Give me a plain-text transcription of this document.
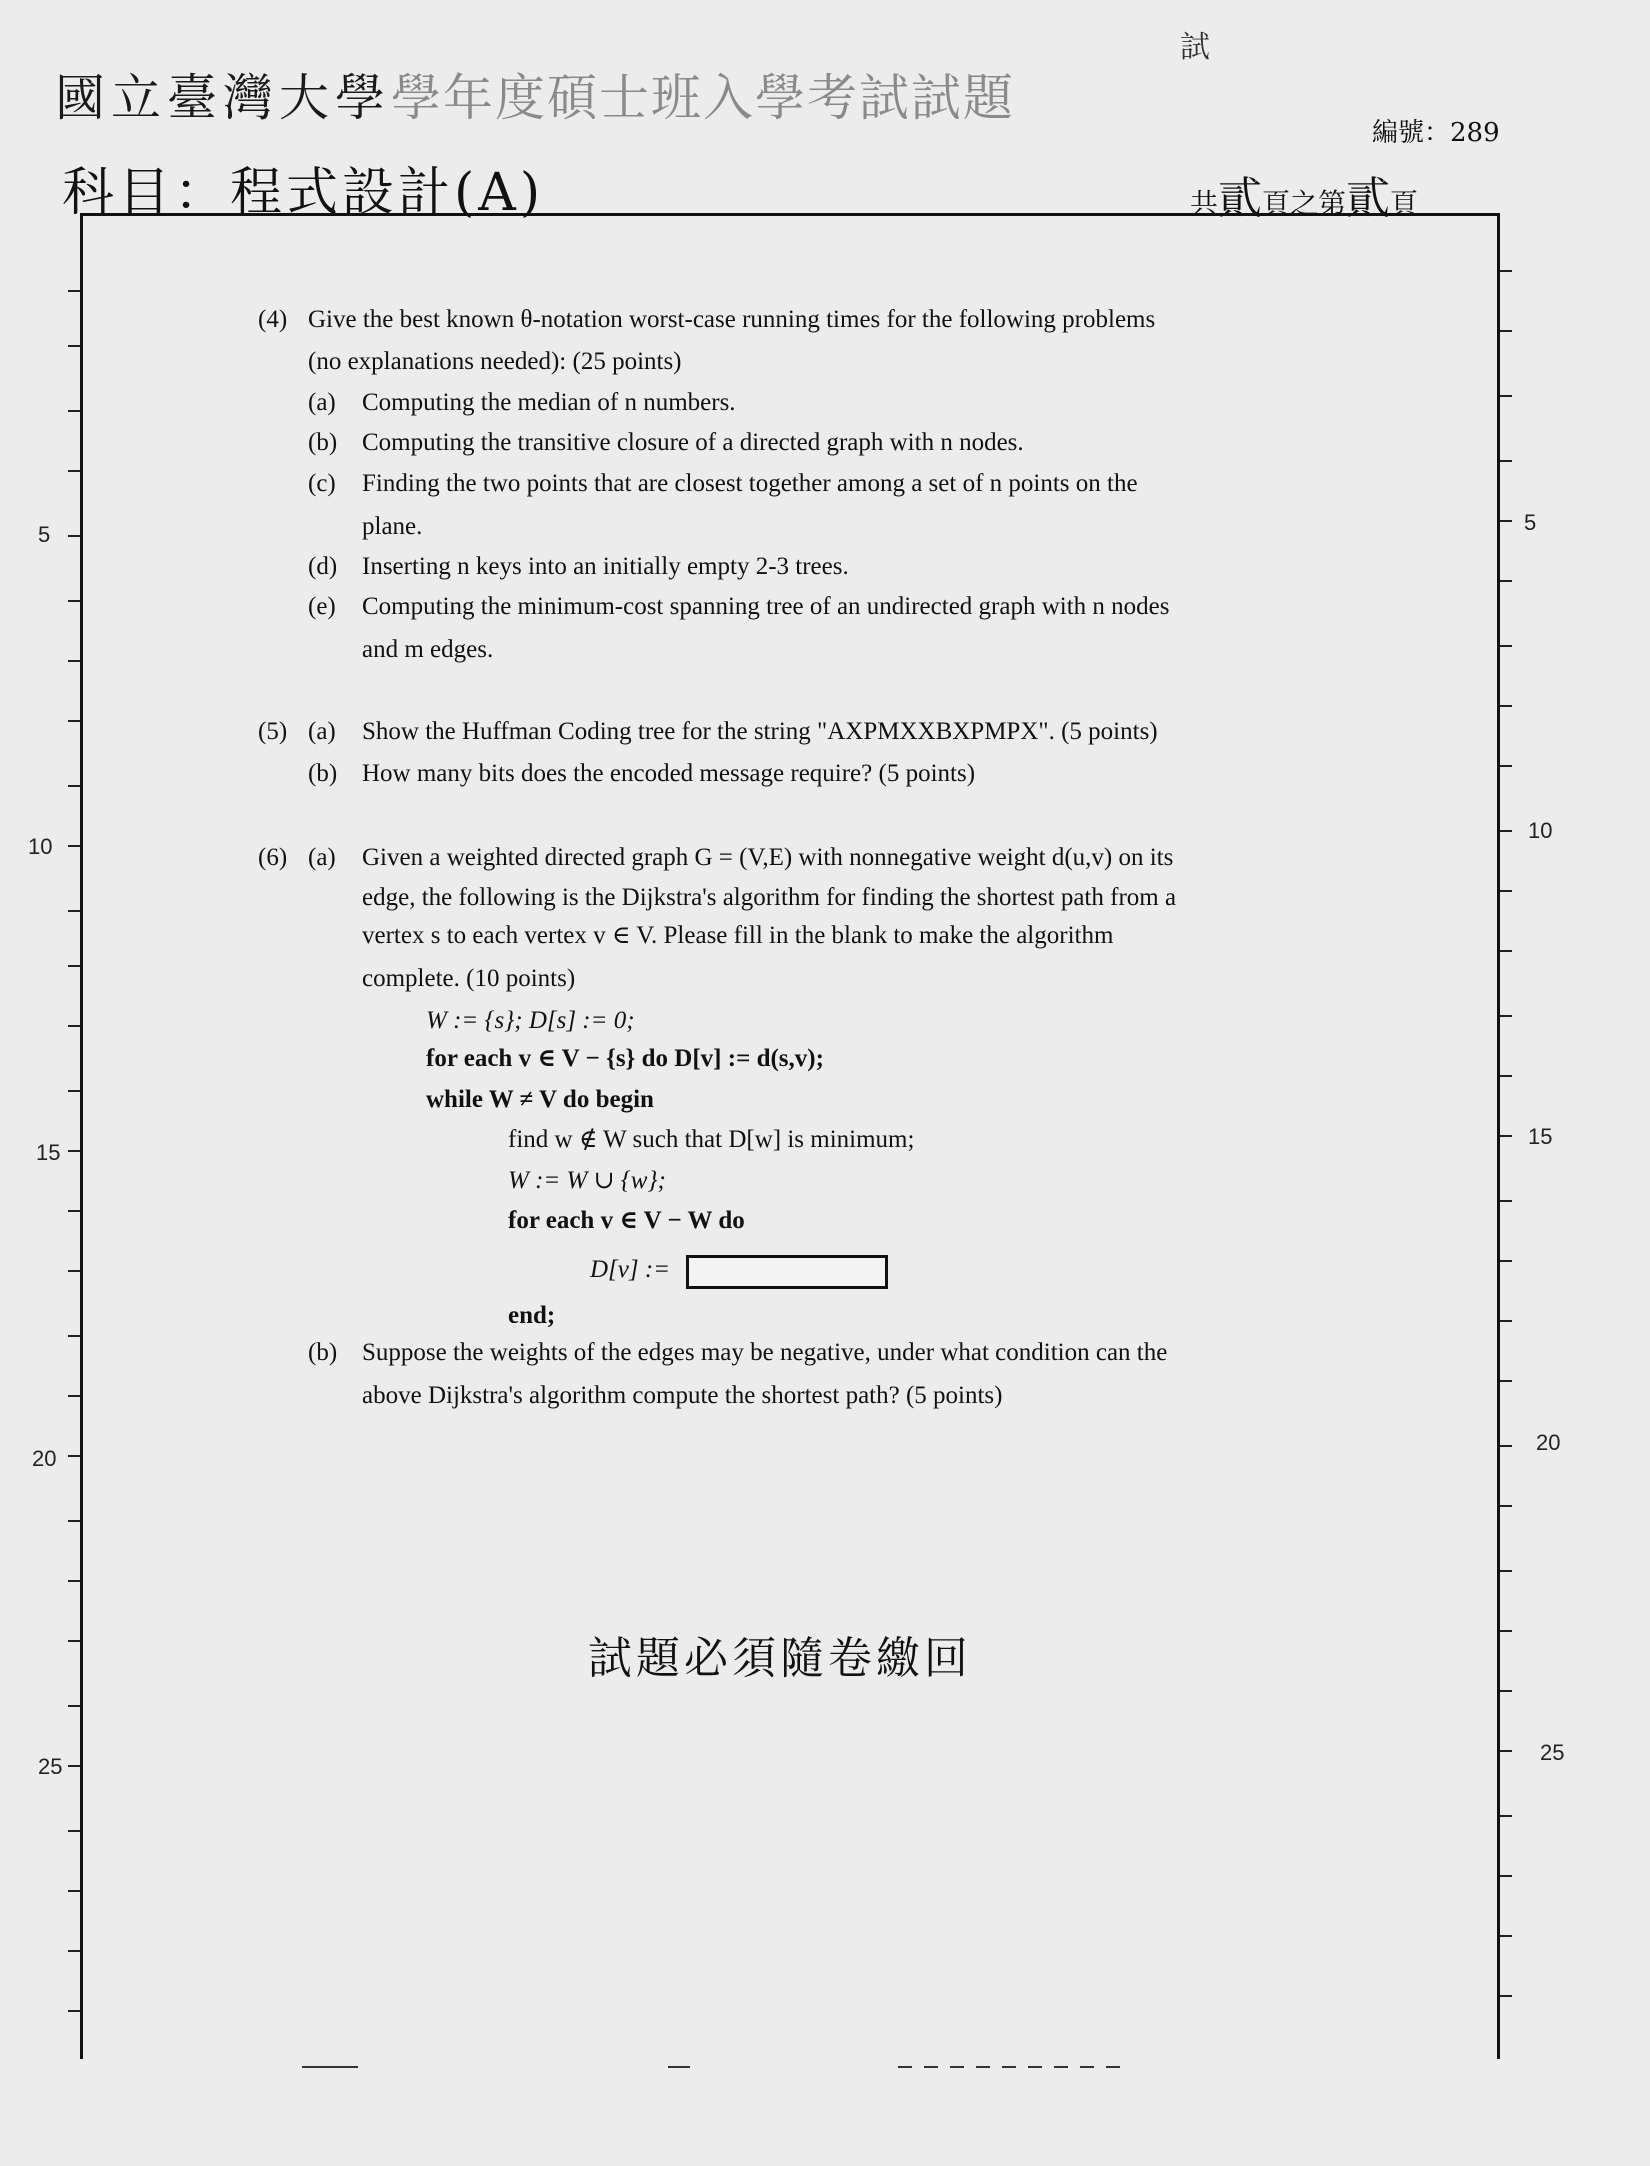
國立臺灣大學學年度碩士班入學考試試題
試
編號：289
科目：程式設計(A)	共貳頁之第貳頁
5
10
15
20
25
5
10
15
20
25
(4) Give the best known θ-notation worst-case running times for the following problems
(no explanations needed): (25 points)
(a) Computing the median of n numbers.
(b) Computing the transitive closure of a directed graph with n nodes.
(c) Finding the two points that are closest together among a set of n points on the
plane.
(d) Inserting n keys into an initially empty 2-3 trees.
(e) Computing the minimum-cost spanning tree of an undirected graph with n nodes
and m edges.
(5) (a) Show the Huffman Coding tree for the string "AXPMXXBXPMPX". (5 points)
(b) How many bits does the encoded message require? (5 points)
(6) (a) Given a weighted directed graph G = (V,E) with nonnegative weight d(u,v) on its
edge, the following is the Dijkstra's algorithm for finding the shortest path from a
vertex s to each vertex v ∈ V. Please fill in the blank to make the algorithm
complete. (10 points)
W := {s}; D[s] := 0;
for each v ∈ V − {s} do D[v] := d(s,v);
while W ≠ V do begin
find w ∉ W such that D[w] is minimum;
W := W ∪ {w};
for each v ∈ V − W do
D[v] :=
end;
(b) Suppose the weights of the edges may be negative, under what condition can the
above Dijkstra's algorithm compute the shortest path? (5 points)
試題必須隨卷繳回
